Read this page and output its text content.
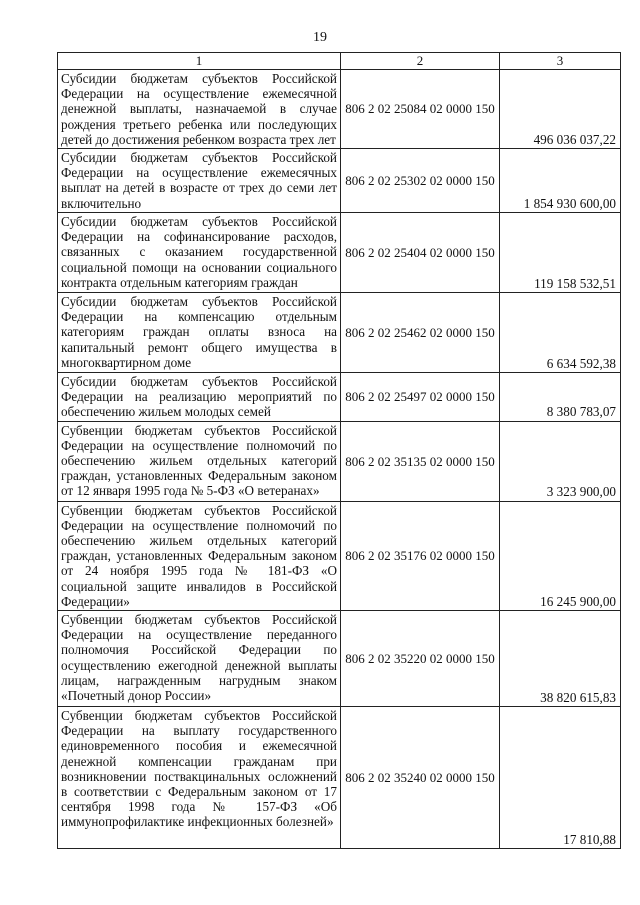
19
1	2	3
Субсидии бюджетам субъектов Российской Федерации на осуществление ежемесячной денежной выплаты, назначаемой в случае рождения третьего ребенка или последующих детей до достижения ребенком возраста трех лет	806 2 02 25084 02 0000 150	496 036 037,22
Субсидии бюджетам субъектов Российской Федерации на осуществление ежемесячных выплат на детей в возрасте от трех до семи лет включительно	806 2 02 25302 02 0000 150	1 854 930 600,00
Субсидии бюджетам субъектов Российской Федерации на софинансирование расходов, связанных с оказанием государственной социальной помощи на основании социального контракта отдельным категориям граждан	806 2 02 25404 02 0000 150	119 158 532,51
Субсидии бюджетам субъектов Российской Федерации на компенсацию отдельным категориям граждан оплаты взноса на капитальный ремонт общего имущества в многоквартирном доме	806 2 02 25462 02 0000 150	6 634 592,38
Субсидии бюджетам субъектов Российской Федерации на реализацию мероприятий по обеспечению жильем молодых семей	806 2 02 25497 02 0000 150	8 380 783,07
Субвенции бюджетам субъектов Российской Федерации на осуществление полномочий по обеспечению жильем отдельных категорий граждан, установленных Федеральным законом от 12 января 1995 года № 5-ФЗ «О ветеранах»	806 2 02 35135 02 0000 150	3 323 900,00
Субвенции бюджетам субъектов Российской Федерации на осуществление полномочий по обеспечению жильем отдельных категорий граждан, установленных Федеральным законом от 24 ноября 1995 года № 181-ФЗ «О социальной защите инвалидов в Российской Федерации»	806 2 02 35176 02 0000 150	16 245 900,00
Субвенции бюджетам субъектов Российской Федерации на осуществление переданного полномочия Российской Федерации по осуществлению ежегодной денежной выплаты лицам, награжденным нагрудным знаком «Почетный донор России»	806 2 02 35220 02 0000 150	38 820 615,83
Субвенции бюджетам субъектов Российской Федерации на выплату государственного единовременного пособия и ежемесячной денежной компенсации гражданам при возникновении поствакцинальных осложнений в соответствии с Федеральным законом от 17 сентября 1998 года № 157-ФЗ «Об иммунопрофилактике инфекционных болезней»	806 2 02 35240 02 0000 150	17 810,88
